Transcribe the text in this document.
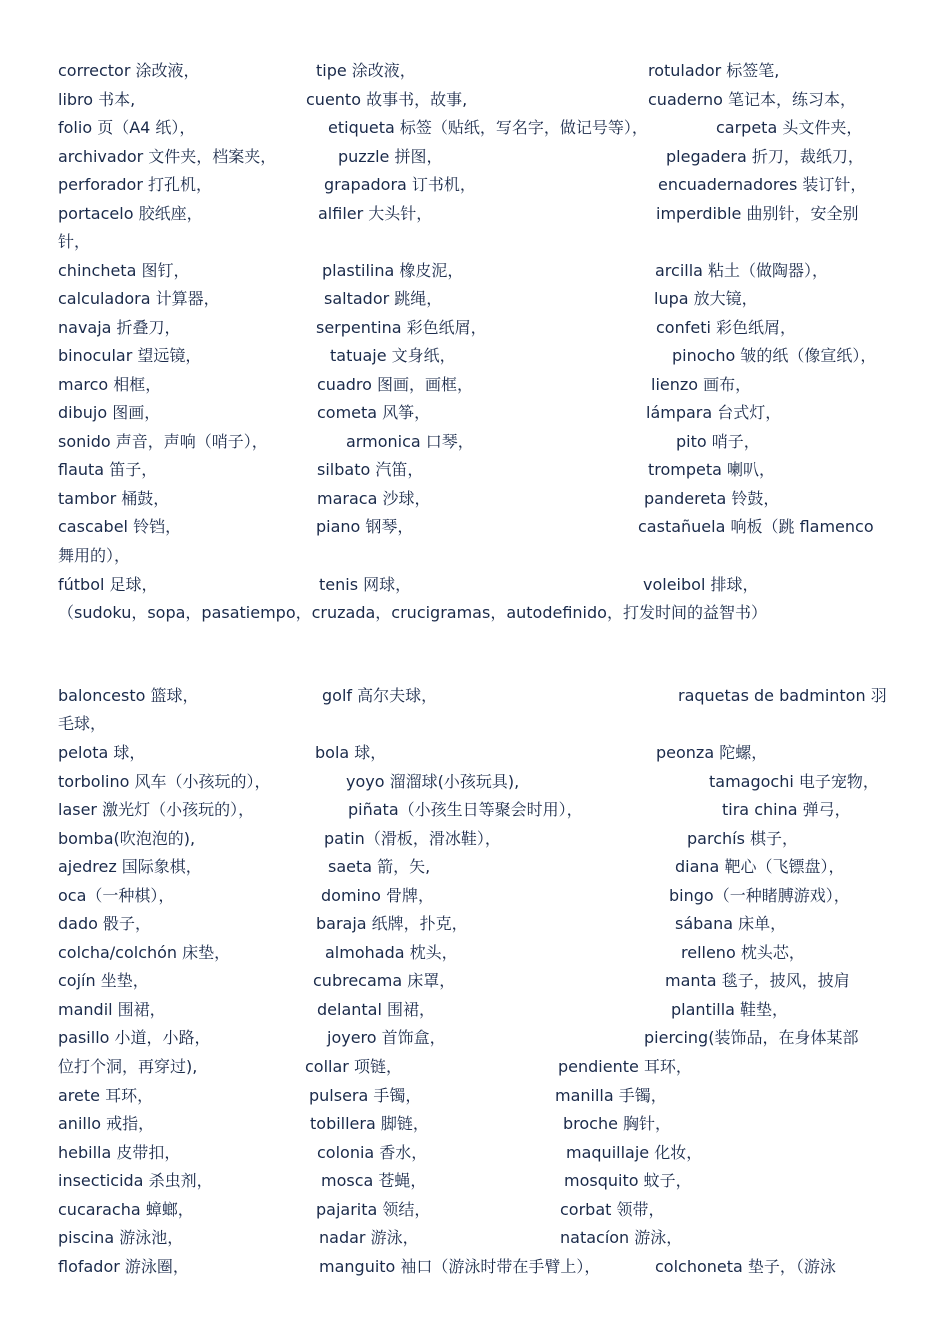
corrector 涂改液，	tipe 涂改液，	rotulador 标签笔,
libro 书本,	cuento 故事书，故事,	cuaderno 笔记本，练习本，
folio 页（A4 纸），	etiqueta 标签（贴纸，写名字，做记号等），	carpeta 头文件夹，
archivador 文件夹，档案夹，	puzzle 拼图，	plegadera 折刀，裁纸刀，
perforador 打孔机，	grapadora 订书机，	encuadernadores 装订针，
portacelo 胶纸座，	alfiler 大头针，	imperdible 曲别针，安全别
针，
chincheta 图钉，	plastilina 橡皮泥，	arcilla 粘土（做陶器），
calculadora 计算器，	saltador 跳绳，	lupa 放大镜，
navaja 折叠刀，	serpentina 彩色纸屑，	confeti 彩色纸屑，
binocular 望远镜，	tatuaje 文身纸，	pinocho 皱的纸（像宣纸），
marco 相框，	cuadro 图画，画框，	lienzo 画布，
dibujo 图画，	cometa 风筝，	lámpara 台式灯，
sonido 声音，声响（哨子），	armonica 口琴，	pito 哨子，
flauta 笛子，	silbato 汽笛，	trompeta 喇叭，
tambor 桶鼓，	maraca 沙球，	pandereta 铃鼓，
cascabel 铃铛，	piano 钢琴，	castañuela 响板（跳 flamenco
舞用的），
fútbol 足球，	tenis 网球，	voleibol 排球，
（sudoku，sopa，pasatiempo，cruzada，crucigramas，autodefinido，打发时间的益智书）
baloncesto 篮球，	golf 高尔夫球，	raquetas de badminton 羽
毛球，
pelota 球，	bola 球，	peonza 陀螺，
torbolino 风车（小孩玩的），	yoyo 溜溜球(小孩玩具),	tamagochi 电子宠物，
laser 激光灯（小孩玩的），	piñata（小孩生日等聚会时用），	tira china 弹弓，
bomba(吹泡泡的),	patin（滑板，滑冰鞋），	parchís 棋子，
ajedrez 国际象棋，	saeta 箭，矢,	diana 靶心（飞镖盘），
oca（一种棋），	domino 骨牌，	bingo（一种睹膊游戏），
dado 骰子，	baraja 纸牌，扑克，	sábana 床单，
colcha/colchón 床垫，	almohada 枕头，	relleno 枕头芯，
cojín 坐垫，	cubrecama 床罩，	manta 毯子，披风，披肩
mandil 围裙，	delantal 围裙，	plantilla 鞋垫，
pasillo 小道，小路，	joyero 首饰盒，	piercing(装饰品，在身体某部
位打个洞，再穿过),	collar 项链，	pendiente 耳环，
arete 耳环，	pulsera 手镯，	manilla 手镯，
anillo 戒指，	tobillera 脚链，	broche 胸针，
hebilla 皮带扣，	colonia 香水，	maquillaje 化妆，
insecticida 杀虫剂，	mosca 苍蝇，	mosquito 蚊子，
cucaracha 蟑螂，	pajarita 领结，	corbat 领带，
piscina 游泳池，	nadar 游泳，	natacíon 游泳，
flofador 游泳圈，	manguito 袖口（游泳时带在手臂上），	colchoneta 垫子，（游泳
